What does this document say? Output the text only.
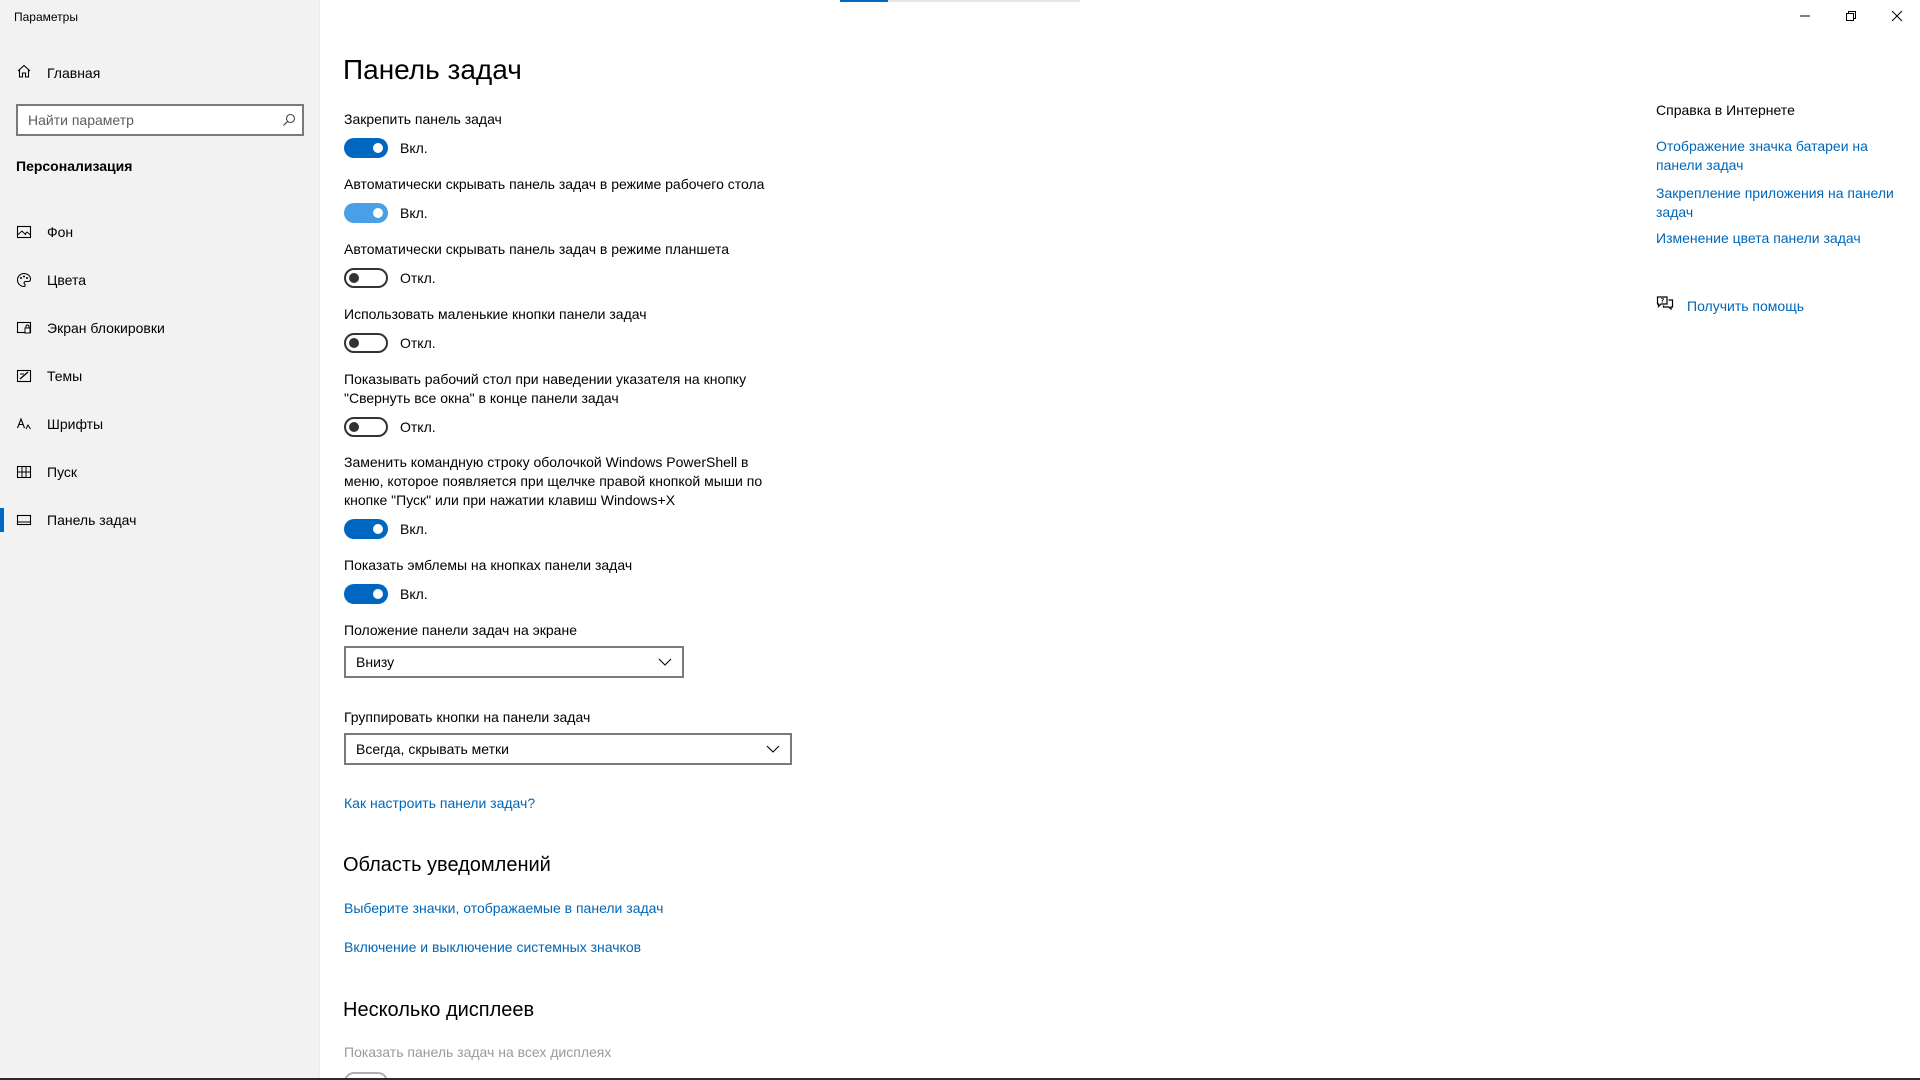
Параметры
Главная
Найти параметр
Персонализация
Фон
Цвета
Экран блокировки
Темы
Шрифты
Пуск
Панель задач
Панель задач
Закрепить панель задач
Вкл.
Автоматически скрывать панель задач в режиме рабочего стола
Вкл.
Автоматически скрывать панель задач в режиме планшета
Откл.
Использовать маленькие кнопки панели задач
Откл.
Показывать рабочий стол при наведении указателя на кнопку "Свернуть все окна" в конце панели задач
Откл.
Заменить командную строку оболочкой Windows PowerShell в меню, которое появляется при щелчке правой кнопкой мыши по кнопке "Пуск" или при нажатии клавиш Windows+X
Вкл.
Показать эмблемы на кнопках панели задач
Вкл.
Положение панели задач на экране
Внизу
Группировать кнопки на панели задач
Всегда, скрывать метки
Как настроить панели задач?
Область уведомлений
Выберите значки, отображаемые в панели задач
Включение и выключение системных значков
Несколько дисплеев
Показать панель задач на всех дисплеях
Справка в Интернете
Отображение значка батареи на панели задач
Закрепление приложения на панели задач
Изменение цвета панели задач
? Получить помощь
